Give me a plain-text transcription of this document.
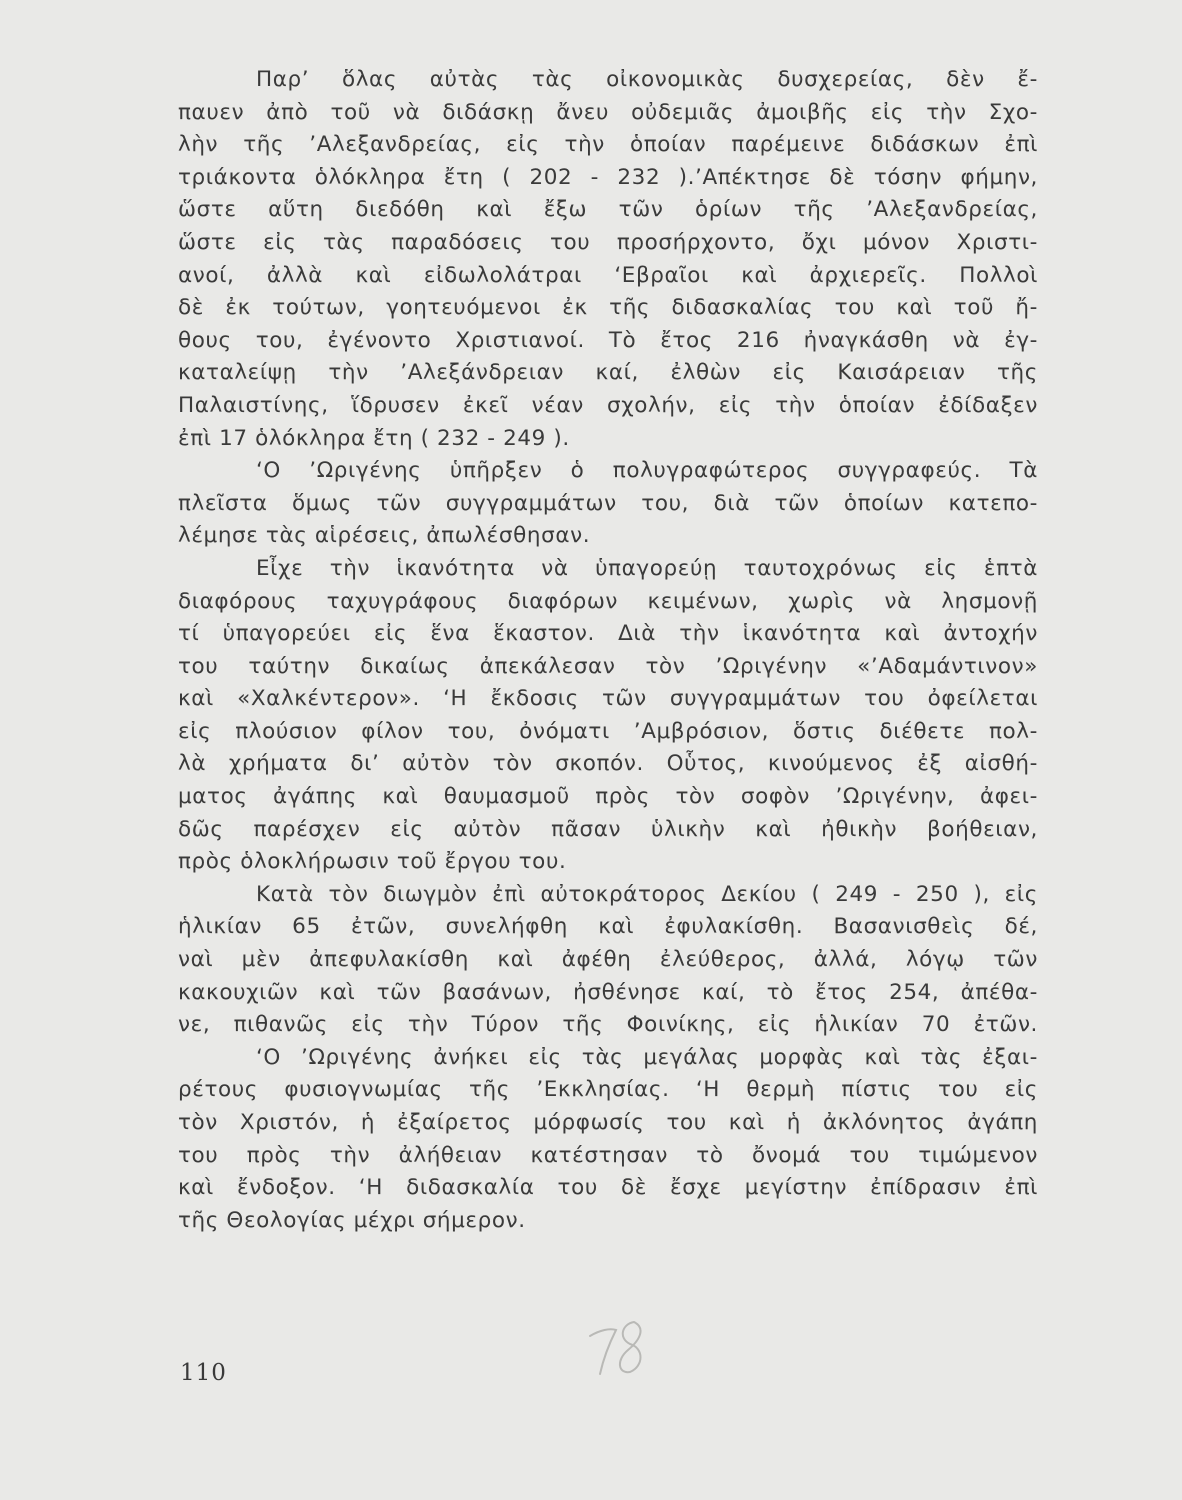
Παρ’ ὅλας αὐτὰς τὰς οἰκονομικὰς δυσχερείας, δὲν ἔ-
παυεν ἀπὸ τοῦ νὰ διδάσκῃ ἄνευ οὐδεμιᾶς ἀμοιβῆς εἰς τὴν Σχο-
λὴν τῆς ’Αλεξανδρείας, εἰς τὴν ὁποίαν παρέμεινε διδάσκων ἐπὶ
τριάκοντα ὁλόκληρα ἔτη ( 202 - 232 ).’Απέκτησε δὲ τόσην φήμην,
ὥστε αὕτη διεδόθη καὶ ἔξω τῶν ὁρίων τῆς ’Αλεξανδρείας,
ὥστε εἰς τὰς παραδόσεις του προσήρχοντο, ὄχι μόνον Χριστι-
ανοί, ἀλλὰ καὶ εἰδωλολάτραι ‘Εβραῖοι καὶ ἀρχιερεῖς. Πολλοὶ
δὲ ἐκ τούτων, γοητευόμενοι ἐκ τῆς διδασκαλίας του καὶ τοῦ ἤ-
θους του, ἐγένοντο Χριστιανοί. Τὸ ἔτος 216 ἠναγκάσθη νὰ ἐγ-
καταλείψῃ τὴν ’Αλεξάνδρειαν καί, ἐλθὼν εἰς Καισάρειαν τῆς
Παλαιστίνης, ἵδρυσεν ἐκεῖ νέαν σχολήν, εἰς τὴν ὁποίαν ἐδίδαξεν
ἐπὶ 17 ὁλόκληρα ἔτη ( 232 - 249 ).
‘Ο ’Ωριγένης ὑπῆρξεν ὁ πολυγραφώτερος συγγραφεύς. Τὰ
πλεῖστα ὅμως τῶν συγγραμμάτων του, διὰ τῶν ὁποίων κατεπο-
λέμησε τὰς αἱρέσεις, ἀπωλέσθησαν.
Εἶχε τὴν ἱκανότητα νὰ ὑπαγορεύῃ ταυτοχρόνως εἰς ἑπτὰ
διαφόρους ταχυγράφους διαφόρων κειμένων, χωρὶς νὰ λησμονῇ
τί ὑπαγορεύει εἰς ἕνα ἕκαστον. Διὰ τὴν ἱκανότητα καὶ ἀντοχήν
του ταύτην δικαίως ἀπεκάλεσαν τὸν ’Ωριγένην «’Αδαμάντινον»
καὶ «Χαλκέντερον». ‘Η ἔκδοσις τῶν συγγραμμάτων του ὀφείλεται
εἰς πλούσιον φίλον του, ὀνόματι ’Αμβρόσιον, ὅστις διέθετε πολ-
λὰ χρήματα δι’ αὐτὸν τὸν σκοπόν. Οὗτος, κινούμενος ἐξ αἰσθή-
ματος ἀγάπης καὶ θαυμασμοῦ πρὸς τὸν σοφὸν ’Ωριγένην, ἀφει-
δῶς παρέσχεν εἰς αὐτὸν πᾶσαν ὑλικὴν καὶ ἠθικὴν βοήθειαν,
πρὸς ὁλοκλήρωσιν τοῦ ἔργου του.
Κατὰ τὸν διωγμὸν ἐπὶ αὐτοκράτορος Δεκίου ( 249 - 250 ), εἰς
ἡλικίαν 65 ἐτῶν, συνελήφθη καὶ ἐφυλακίσθη. Βασανισθεὶς δέ,
ναὶ μὲν ἀπεφυλακίσθη καὶ ἀφέθη ἐλεύθερος, ἀλλά, λόγῳ τῶν
κακουχιῶν καὶ τῶν βασάνων, ἠσθένησε καί, τὸ ἔτος 254, ἀπέθα-
νε, πιθανῶς εἰς τὴν Τύρον τῆς Φοινίκης, εἰς ἡλικίαν 70 ἐτῶν.
‘Ο ’Ωριγένης ἀνήκει εἰς τὰς μεγάλας μορφὰς καὶ τὰς ἐξαι-
ρέτους φυσιογνωμίας τῆς ’Εκκλησίας. ‘Η θερμὴ πίστις του εἰς
τὸν Χριστόν, ἡ ἐξαίρετος μόρφωσίς του καὶ ἡ ἀκλόνητος ἀγάπη
του πρὸς τὴν ἀλήθειαν κατέστησαν τὸ ὄνομά του τιμώμενον
καὶ ἔνδοξον. ‘Η διδασκαλία του δὲ ἔσχε μεγίστην ἐπίδρασιν ἐπὶ
τῆς Θεολογίας μέχρι σήμερον.
110
